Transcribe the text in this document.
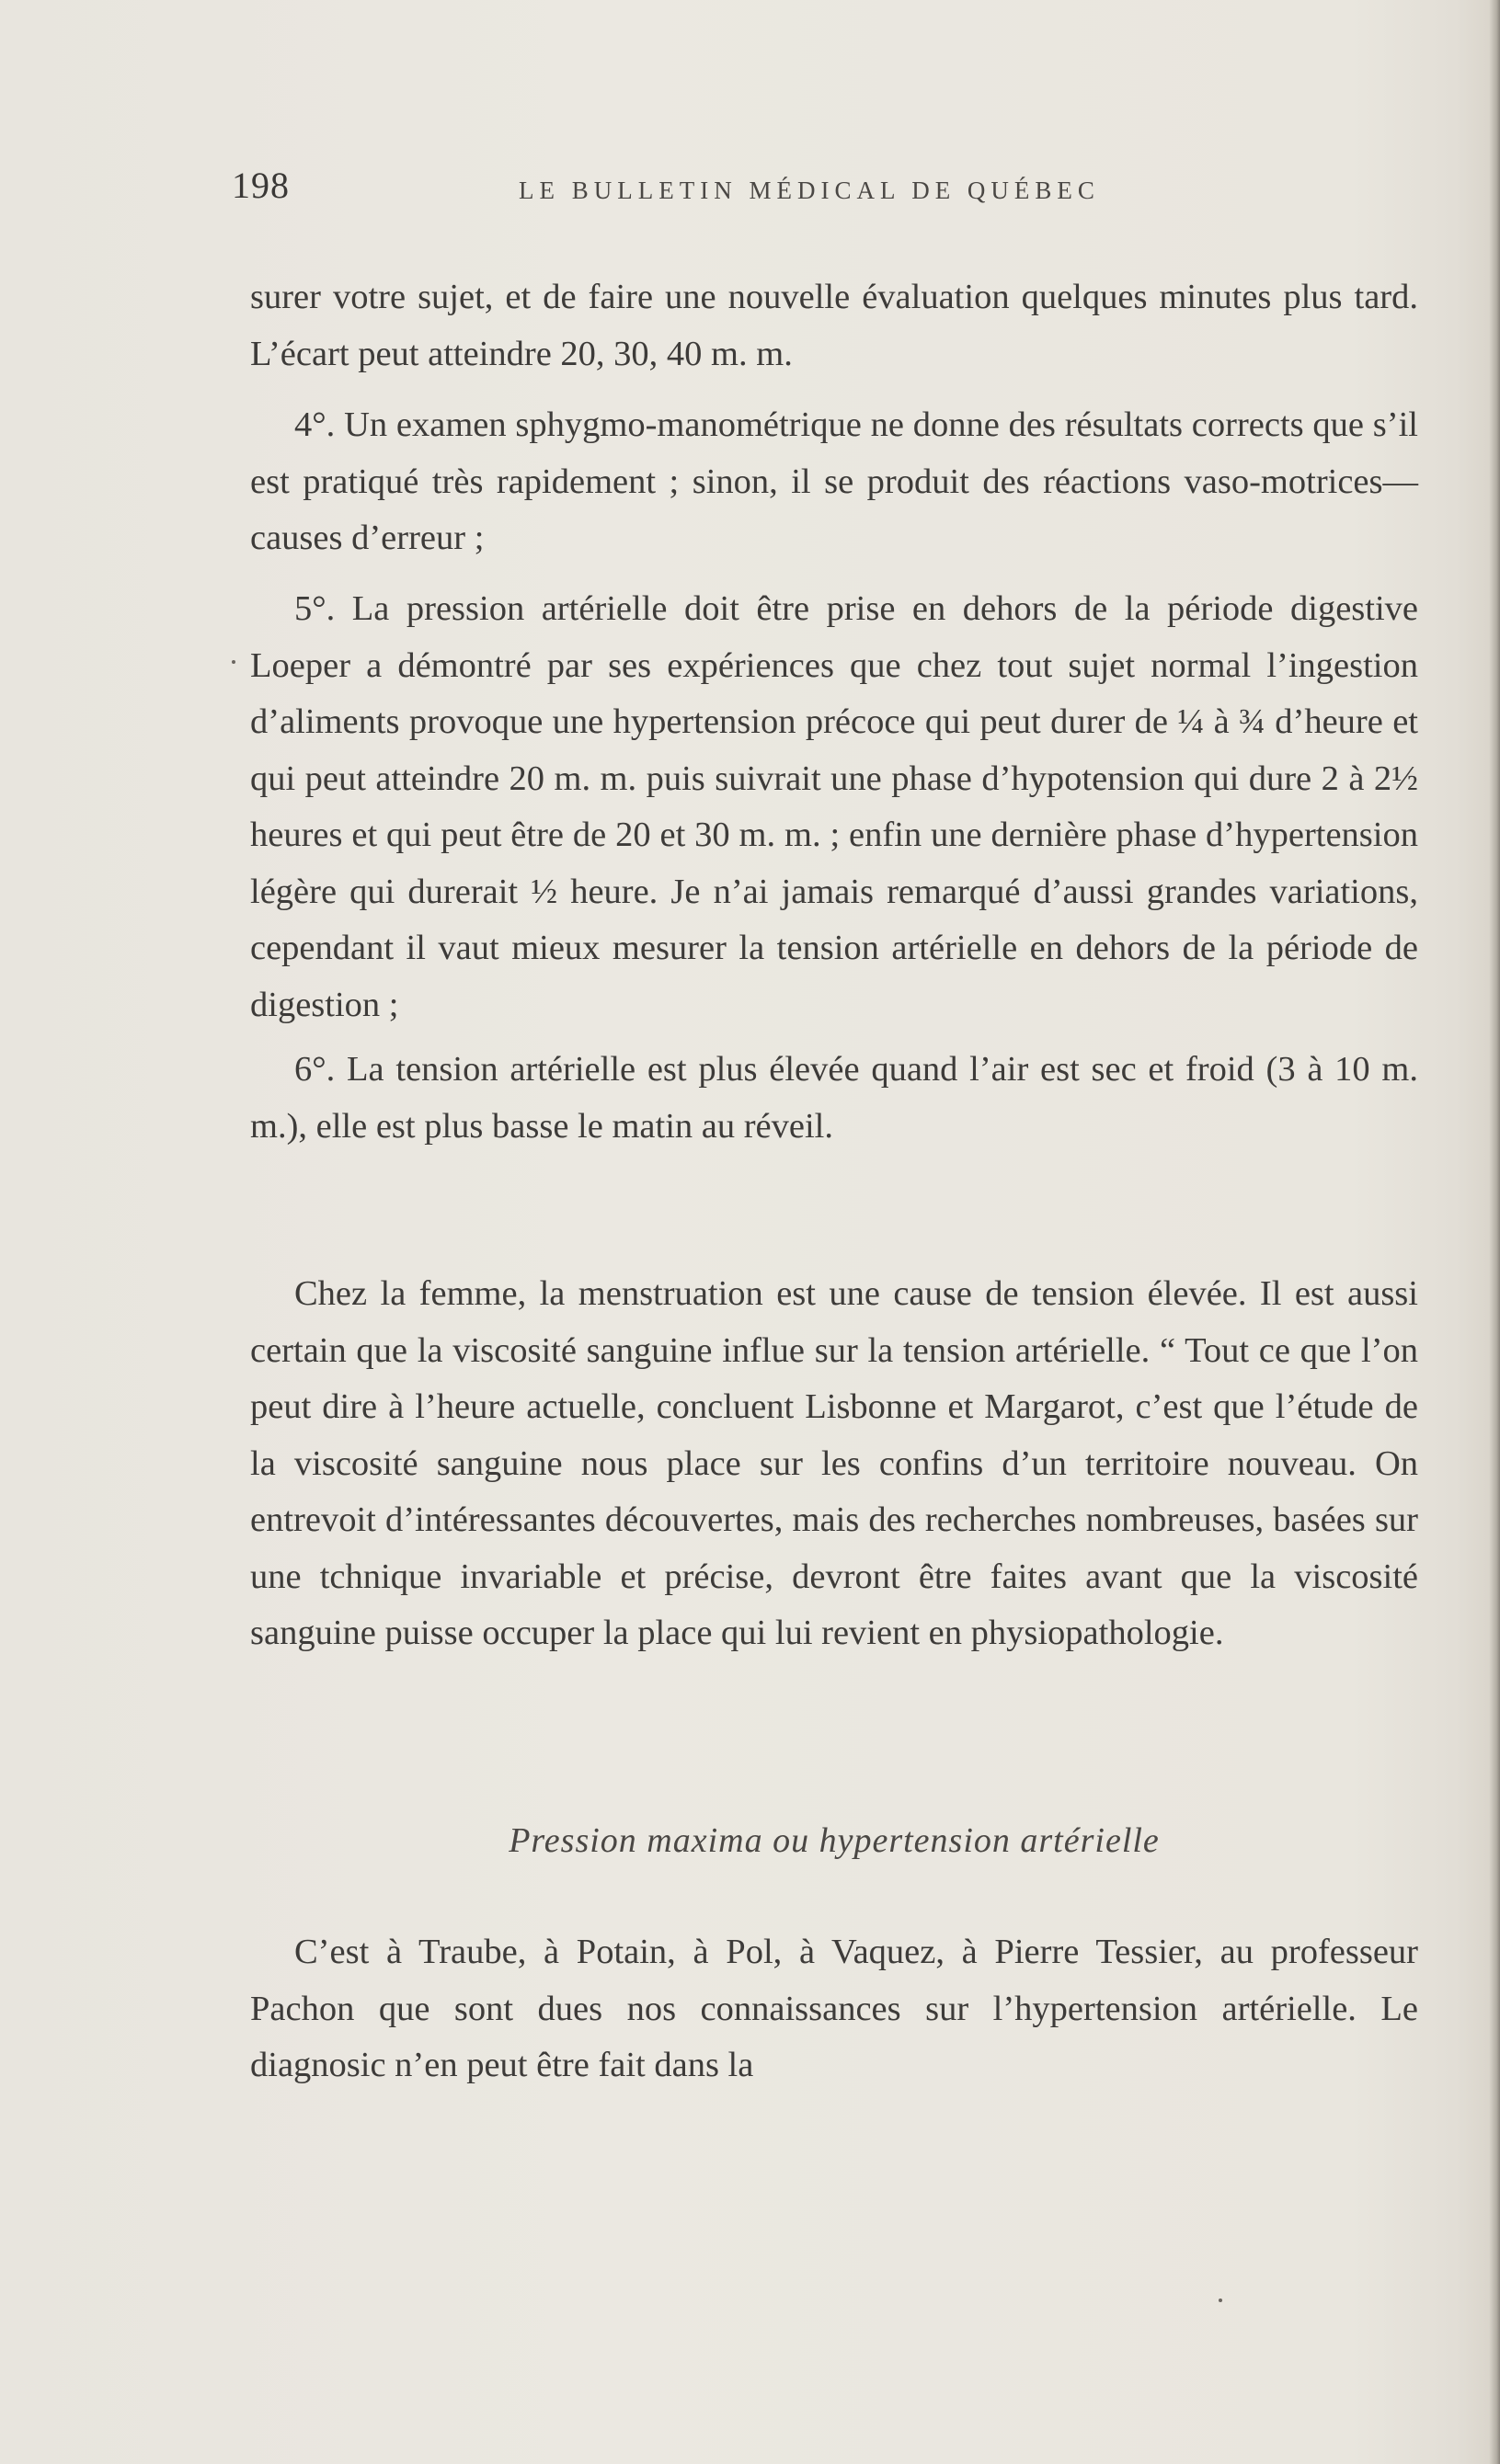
198	LE BULLETIN MÉDICAL DE QUÉBEC

surer votre sujet, et de faire une nouvelle évaluation quelques minutes plus tard. L’écart peut atteindre 20, 30, 40 m. m.

4°. Un examen sphygmo-manométrique ne donne des résultats corrects que s’il est pratiqué très rapidement ; sinon, il se produit des réactions vaso-motrices—causes d’erreur ;

5°. La pression artérielle doit être prise en dehors de la période digestive Loeper a démontré par ses expériences que chez tout sujet normal l’ingestion d’aliments provoque une hypertension précoce qui peut durer de ¼ à ¾ d’heure et qui peut atteindre 20 m. m. puis suivrait une phase d’hypotension qui dure 2 à 2½ heures et qui peut être de 20 et 30 m. m. ; enfin une dernière phase d’hypertension légère qui durerait ½ heure. Je n’ai jamais remarqué d’aussi grandes variations, cependant il vaut mieux mesurer la tension artérielle en dehors de la période de digestion ;

6°. La tension artérielle est plus élevée quand l’air est sec et froid (3 à 10 m. m.), elle est plus basse le matin au réveil.

Chez la femme, la menstruation est une cause de tension élevée. Il est aussi certain que la viscosité sanguine influe sur la tension artérielle. “ Tout ce que l’on peut dire à l’heure actuelle, concluent Lisbonne et Margarot, c’est que l’étude de la viscosité sanguine nous place sur les confins d’un territoire nouveau. On entrevoit d’intéressantes découvertes, mais des recherches nombreuses, basées sur une tchnique invariable et précise, devront être faites avant que la viscosité sanguine puisse occuper la place qui lui revient en physiopathologie.

Pression maxima ou hypertension artérielle

C’est à Traube, à Potain, à Pol, à Vaquez, à Pierre Tessier, au professeur Pachon que sont dues nos connaissances sur l’hypertension artérielle. Le diagnosic n’en peut être fait dans la
